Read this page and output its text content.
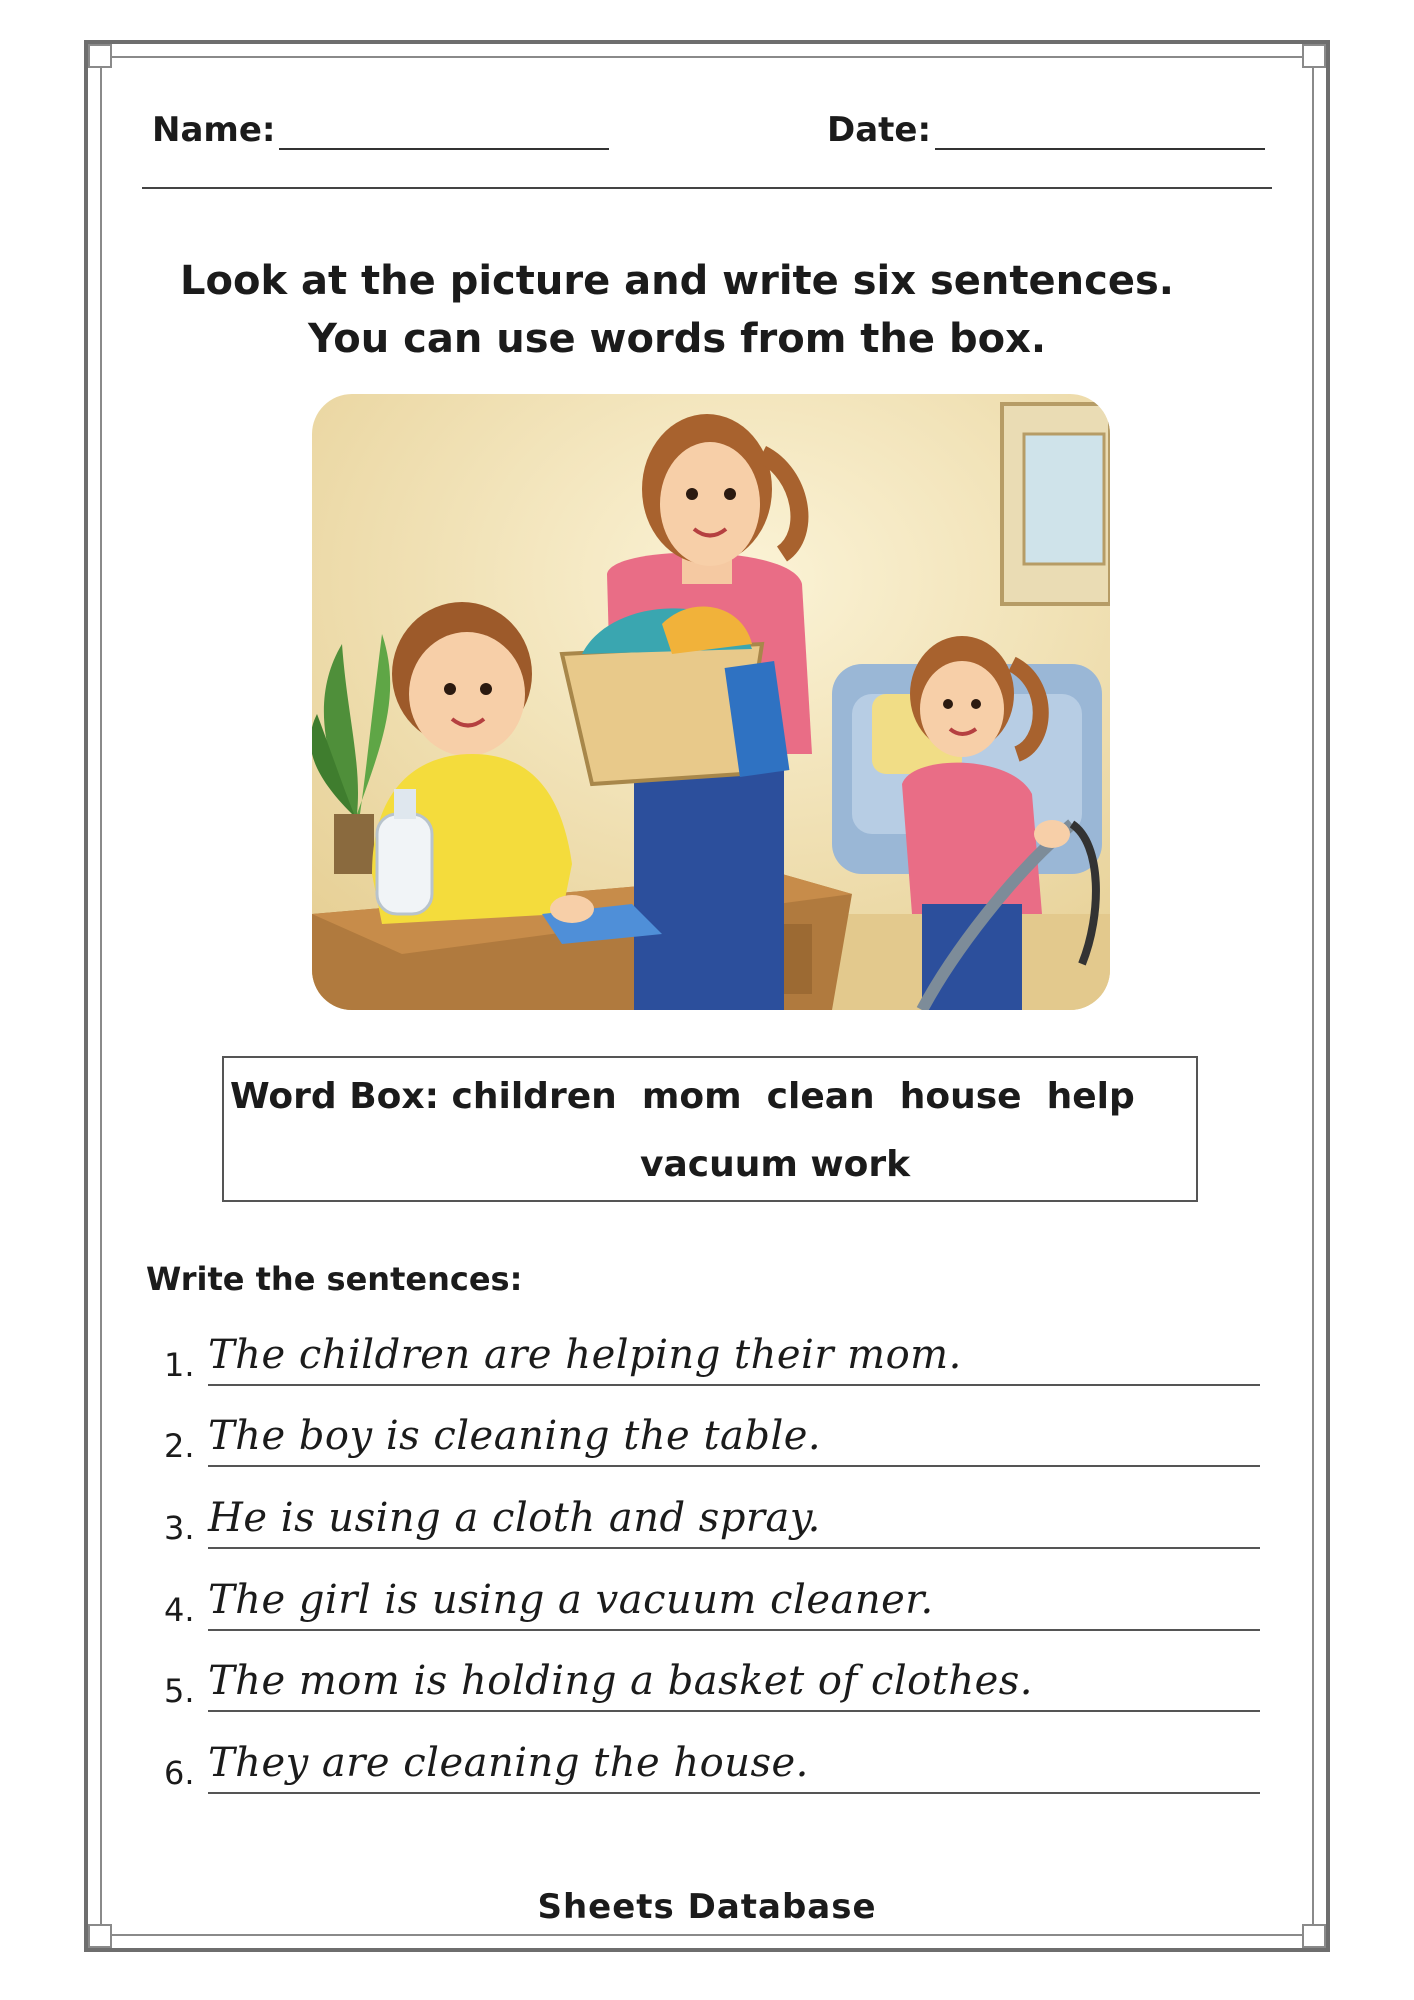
Name:	Date:
Look at the picture and write six sentences.
You can use words from the box.
Word Box: children  mom  clean  house  help
vacuum work
Write the sentences:
1. The children are helping their mom.
2. The boy is cleaning the table.
3. He is using a cloth and spray.
4. The girl is using a vacuum cleaner.
5. The mom is holding a basket of clothes.
6. They are cleaning the house.
Sheets Database
